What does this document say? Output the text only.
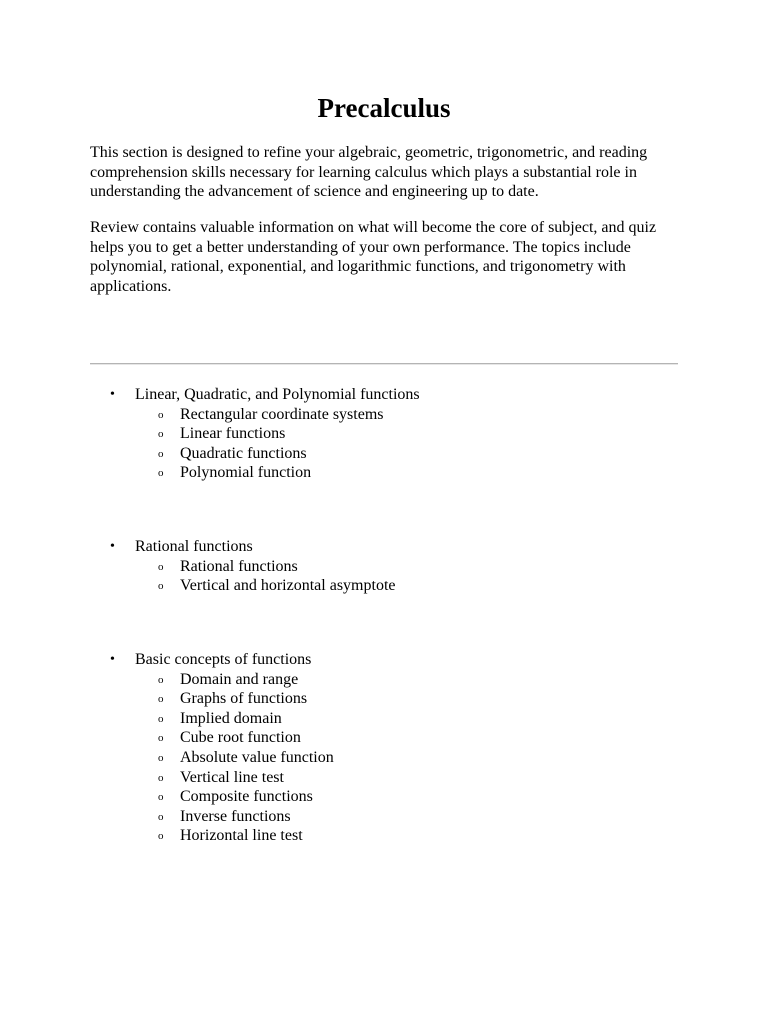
Precalculus

This section is designed to refine your algebraic, geometric, trigonometric, and reading comprehension skills necessary for learning calculus which plays a substantial role in understanding the advancement of science and engineering up to date.

Review contains valuable information on what will become the core of subject, and quiz helps you to get a better understanding of your own performance. The topics include polynomial, rational, exponential, and logarithmic functions, and trigonometry with applications.

•	Linear, Quadratic, and Polynomial functions
o Rectangular coordinate systems
o Linear functions
o Quadratic functions
o Polynomial function
•	Rational functions
o Rational functions
o Vertical and horizontal asymptote
•	Basic concepts of functions
o Domain and range
o Graphs of functions
o Implied domain
o Cube root function
o Absolute value function
o Vertical line test
o Composite functions
o Inverse functions
o Horizontal line test
